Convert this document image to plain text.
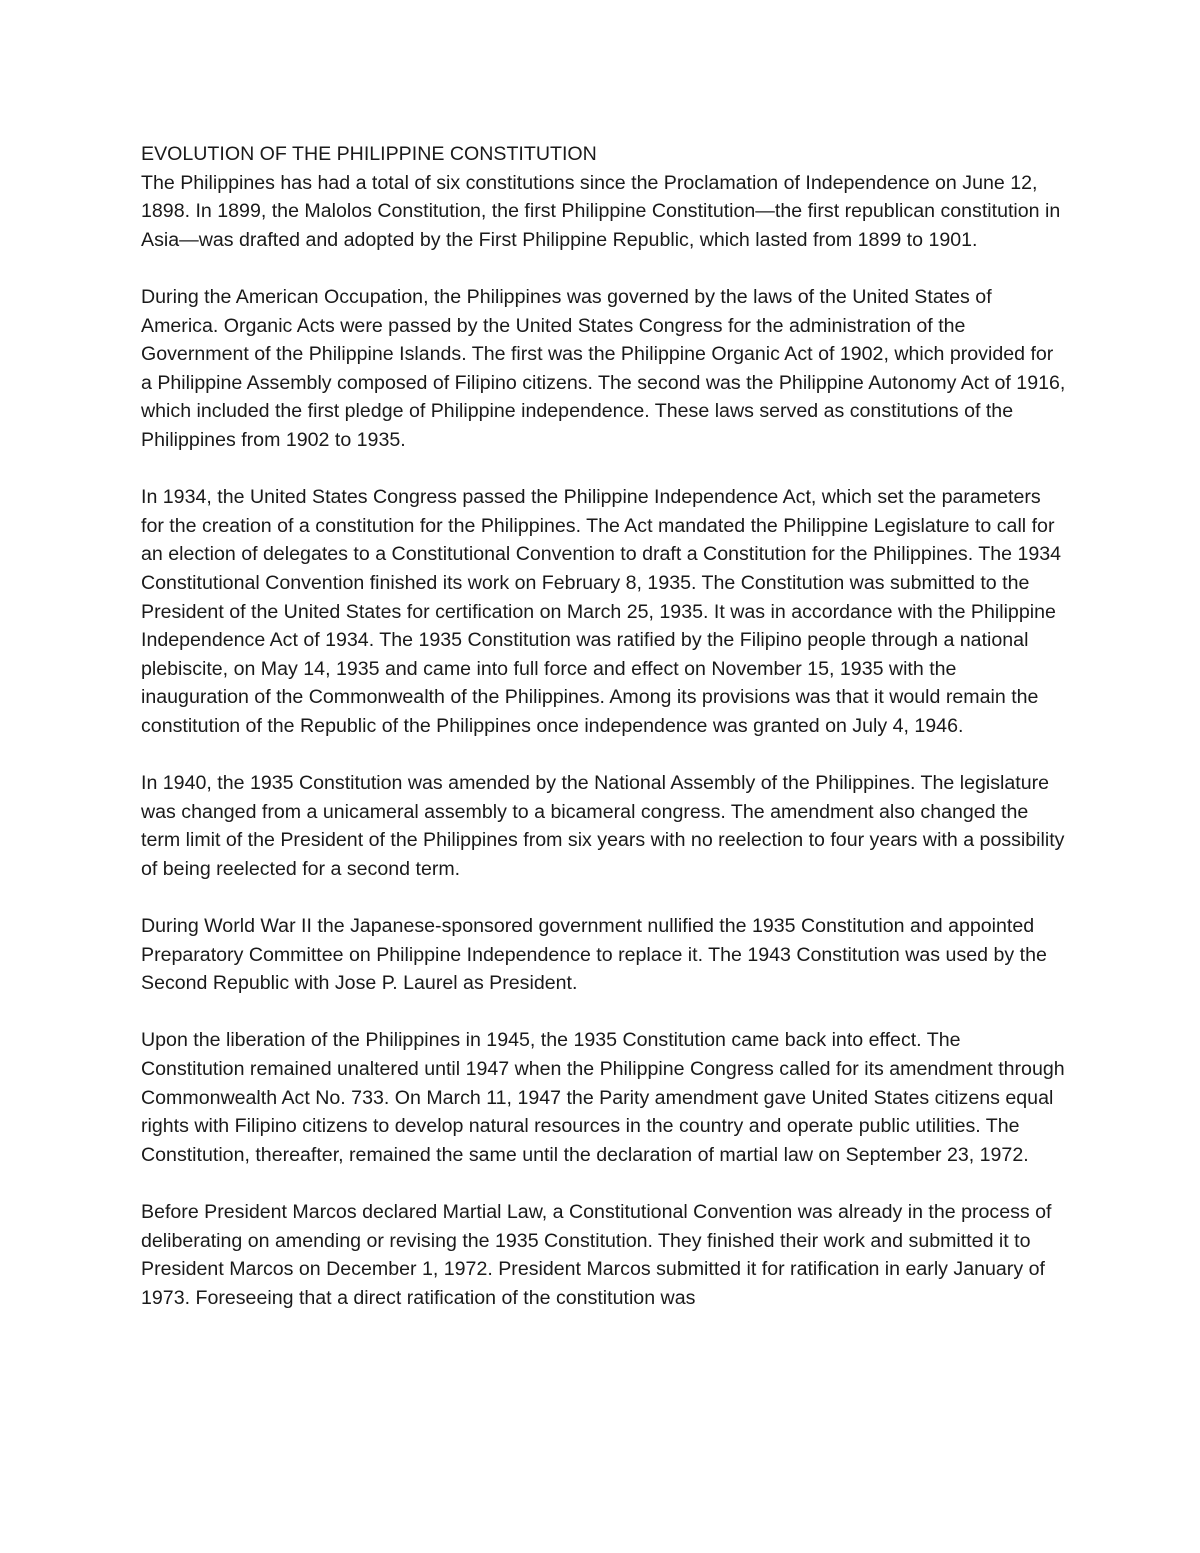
EVOLUTION OF THE PHILIPPINE CONSTITUTION

The Philippines has had a total of six constitutions since the Proclamation of Independence on June 12, 1898. In 1899, the Malolos Constitution, the first Philippine Constitution—the first republican constitution in Asia—was drafted and adopted by the First Philippine Republic, which lasted from 1899 to 1901.

During the American Occupation, the Philippines was governed by the laws of the United States of America. Organic Acts were passed by the United States Congress for the administration of the Government of the Philippine Islands. The first was the Philippine Organic Act of 1902, which provided for a Philippine Assembly composed of Filipino citizens. The second was the Philippine Autonomy Act of 1916, which included the first pledge of Philippine independence. These laws served as constitutions of the Philippines from 1902 to 1935.

In 1934, the United States Congress passed the Philippine Independence Act, which set the parameters for the creation of a constitution for the Philippines. The Act mandated the Philippine Legislature to call for an election of delegates to a Constitutional Convention to draft a Constitution for the Philippines. The 1934 Constitutional Convention finished its work on February 8, 1935. The Constitution was submitted to the President of the United States for certification on March 25, 1935. It was in accordance with the Philippine Independence Act of 1934. The 1935 Constitution was ratified by the Filipino people through a national plebiscite, on May 14, 1935 and came into full force and effect on November 15, 1935 with the inauguration of the Commonwealth of the Philippines. Among its provisions was that it would remain the constitution of the Republic of the Philippines once independence was granted on July 4, 1946.

In 1940, the 1935 Constitution was amended by the National Assembly of the Philippines. The legislature was changed from a unicameral assembly to a bicameral congress. The amendment also changed the term limit of the President of the Philippines from six years with no reelection to four years with a possibility of being reelected for a second term.

During World War II the Japanese-sponsored government nullified the 1935 Constitution and appointed Preparatory Committee on Philippine Independence to replace it. The 1943 Constitution was used by the Second Republic with Jose P. Laurel as President.

Upon the liberation of the Philippines in 1945, the 1935 Constitution came back into effect. The Constitution remained unaltered until 1947 when the Philippine Congress called for its amendment through Commonwealth Act No. 733. On March 11, 1947 the Parity amendment gave United States citizens equal rights with Filipino citizens to develop natural resources in the country and operate public utilities. The Constitution, thereafter, remained the same until the declaration of martial law on September 23, 1972.

Before President Marcos declared Martial Law, a Constitutional Convention was already in the process of deliberating on amending or revising the 1935 Constitution. They finished their work and submitted it to President Marcos on December 1, 1972. President Marcos submitted it for ratification in early January of 1973. Foreseeing that a direct ratification of the constitution was
